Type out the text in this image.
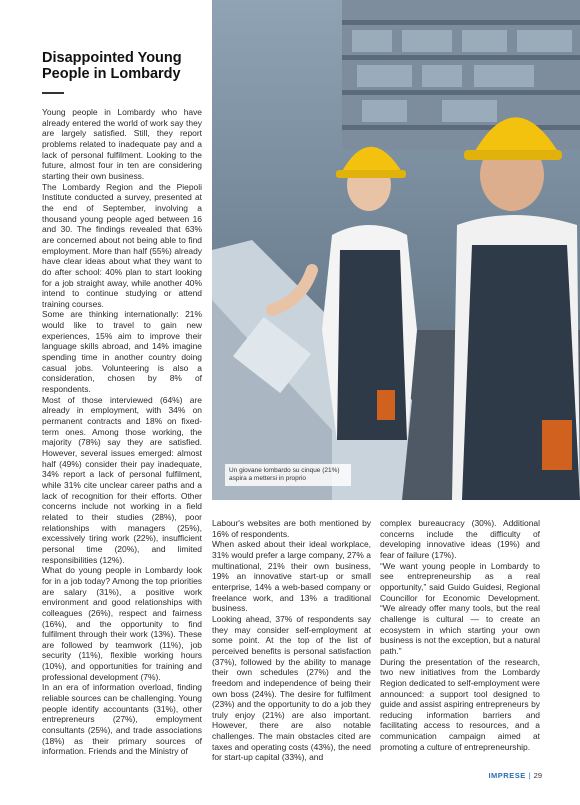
Disappointed Young People in Lombardy

Young people in Lombardy who have already entered the world of work say they are largely satisfied. Still, they report problems related to inadequate pay and a lack of personal fulfilment. Looking to the future, almost four in ten are considering starting their own business.

The Lombardy Region and the Piepoli Institute conducted a survey, presented at the end of September, involving a thousand young people aged between 16 and 30. The findings revealed that 63% are concerned about not being able to find employment. More than half (55%) already have clear ideas about what they want to do after school: 40% plan to start looking for a job straight away, while another 40% intend to continue studying or attend training courses.

Some are thinking internationally: 21% would like to travel to gain new experiences, 15% aim to improve their language skills abroad, and 14% imagine spending time in another country doing casual jobs. Volunteering is also a consideration, chosen by 8% of respondents.

Most of those interviewed (64%) are already in employment, with 34% on permanent contracts and 18% on fixed-term ones. Among those working, the majority (78%) say they are satisfied. However, several issues emerged: almost half (49%) consider their pay inadequate, 34% report a lack of personal fulfilment, while 31% cite unclear career paths and a lack of recognition for their efforts. Other concerns include not working in a field related to their studies (28%), poor relationships with managers (25%), excessively tiring work (22%), insufficient personal time (20%), and limited responsibilities (12%).

What do young people in Lombardy look for in a job today? Among the top priorities are salary (31%), a positive work environment and good relationships with colleagues (26%), respect and fairness (16%), and the opportunity to find fulfilment through their work (13%). These are followed by teamwork (11%), job security (11%), flexible working hours (10%), and opportunities for training and professional development (7%).

In an era of information overload, finding reliable sources can be challenging. Young people identify accountants (31%), other entrepreneurs (27%), employment consultants (25%), and trade associations (18%) as their primary sources of information. Friends and the Ministry of

Un giovane lombardo su cinque (21%) aspira a mettersi in proprio

Labour's websites are both mentioned by 16% of respondents.

When asked about their ideal workplace, 31% would prefer a large company, 27% a multinational, 21% their own business, 19% an innovative start-up or small enterprise, 14% a web-based company or freelance work, and 13% a traditional business.

Looking ahead, 37% of respondents say they may consider self-employment at some point. At the top of the list of perceived benefits is personal satisfaction (37%), followed by the ability to manage their own schedules (27%) and the freedom and independence of being their own boss (24%). The desire for fulfilment (23%) and the opportunity to do a job they truly enjoy (21%) are also important. However, there are also notable challenges. The main obstacles cited are taxes and operating costs (43%), the need for start-up capital (33%), and

complex bureaucracy (30%). Additional concerns include the difficulty of developing innovative ideas (19%) and fear of failure (17%).

“We want young people in Lombardy to see entrepreneurship as a real opportunity,” said Guido Guidesi, Regional Councillor for Economic Development. “We already offer many tools, but the real challenge is cultural — to create an ecosystem in which starting your own business is not the exception, but a natural path.”

During the presentation of the research, two new initiatives from the Lombardy Region dedicated to self-employment were announced: a support tool designed to guide and assist aspiring entrepreneurs by reducing information barriers and facilitating access to resources, and a communication campaign aimed at promoting a culture of entrepreneurship.

IMPRESE | 29
